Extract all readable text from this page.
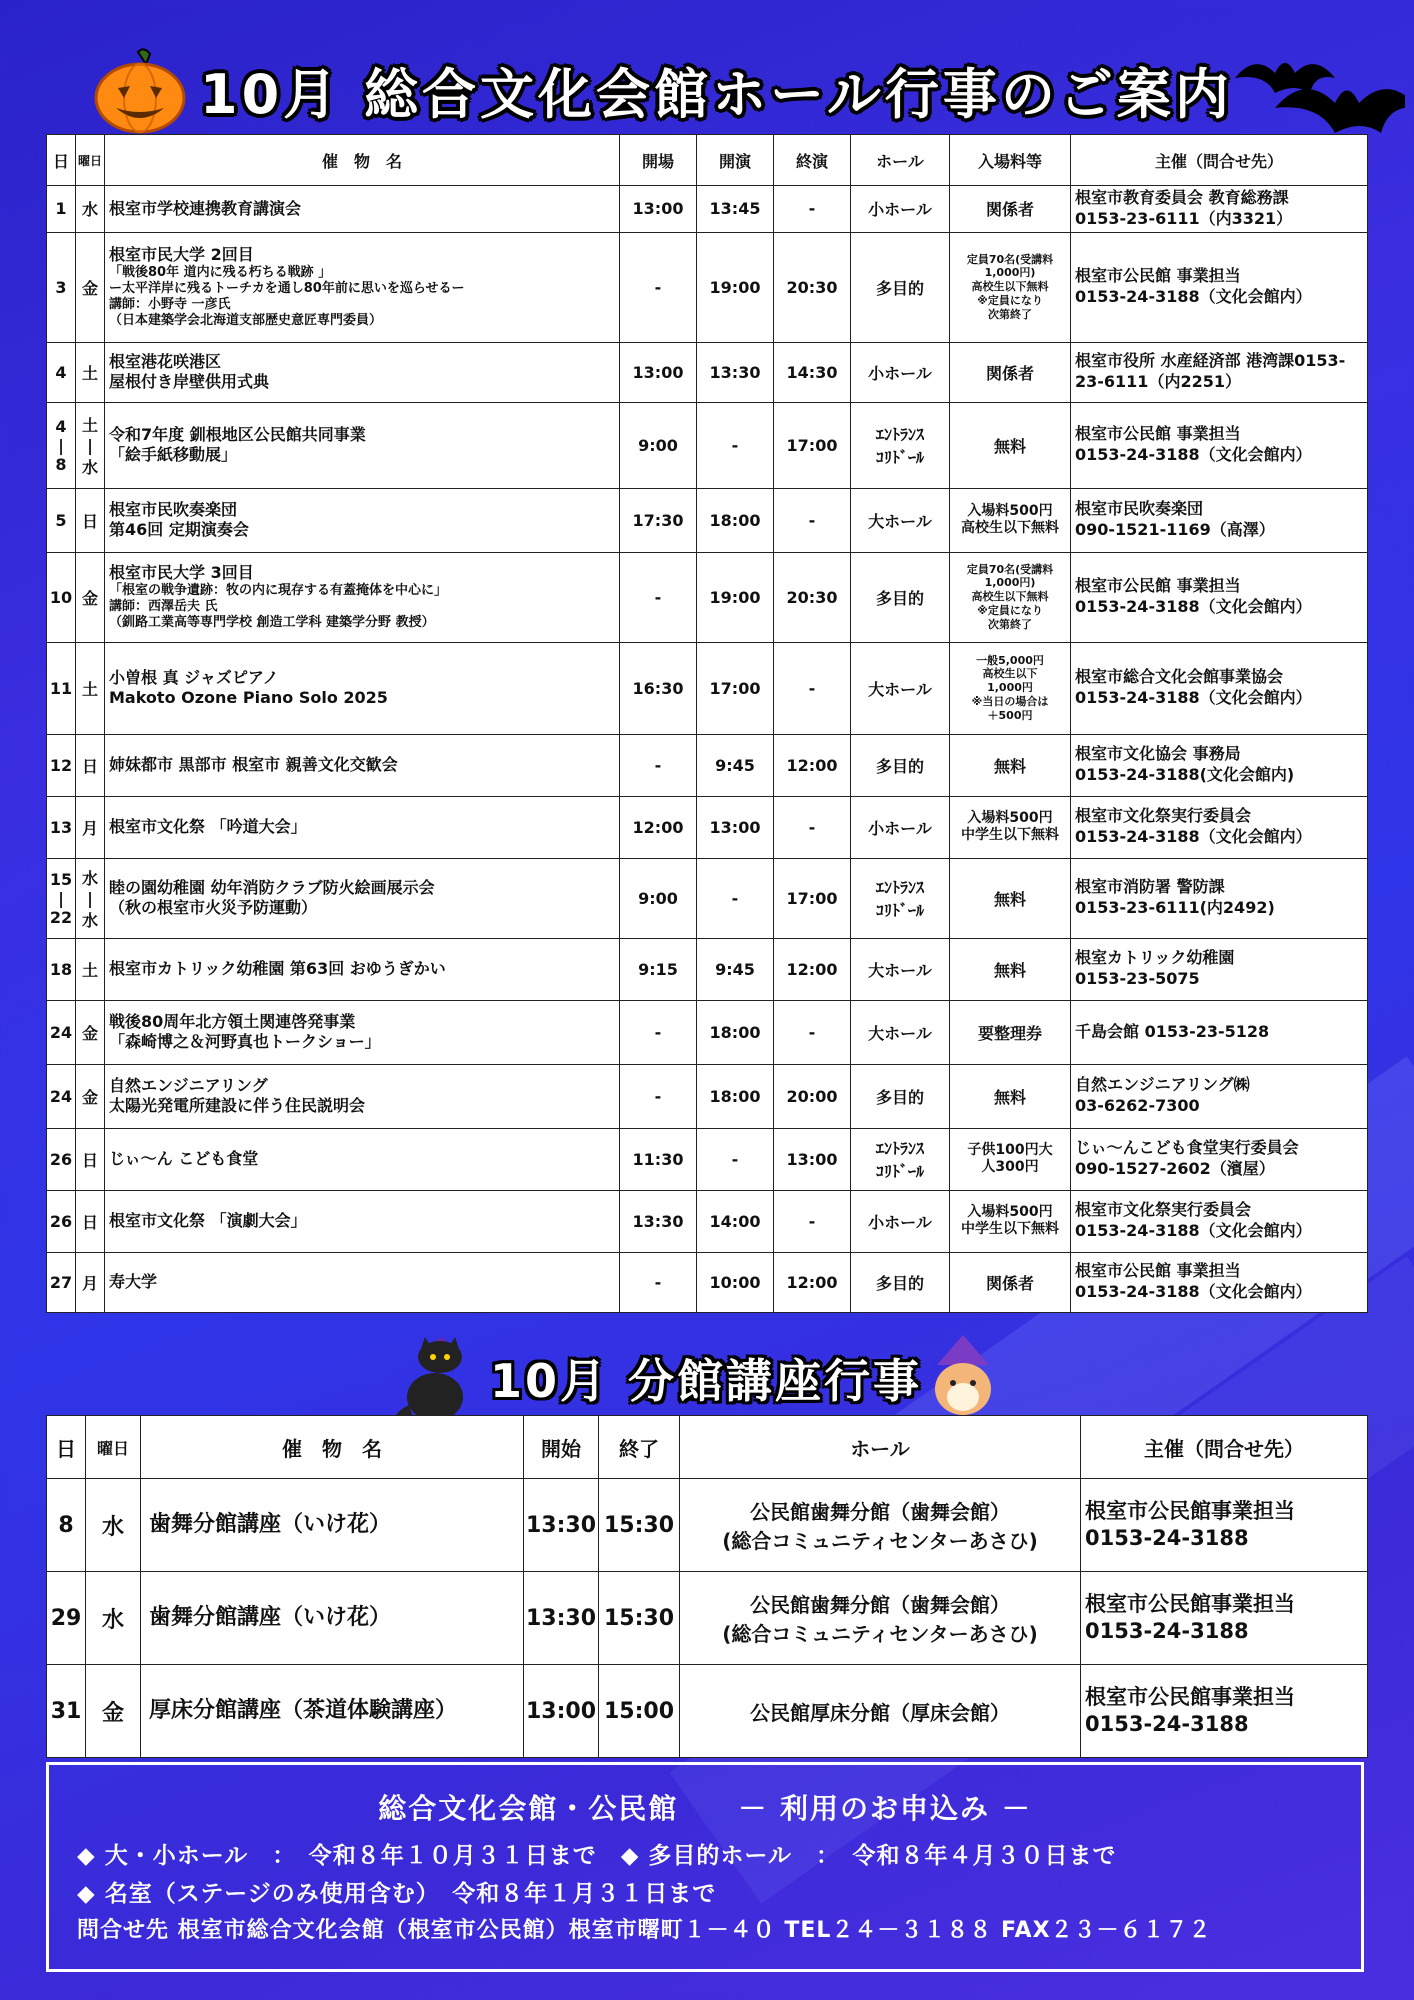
10月 総合文化会館ホール行事のご案内
日	曜日	催　物　名	開場	開演	終演	ホール	入場料等	主催（問合せ先）
1	水	根室市学校連携教育講演会	13:00	13:45	-	小ホール	関係者	根室市教育委員会 教育総務課
0153-23-6111（内3321）

3	金	根室市民大学 2回目
「戦後80年 道内に残る朽ちる戦跡 」
ー太平洋岸に残るトーチカを通し80年前に思いを巡らせるー
講師：小野寺 一彦氏
（日本建築学会北海道支部歴史意匠専門委員）	-	19:00	20:30	多目的	定員70名(受講料
1,000円)
高校生以下無料
※定員になり
次第終了	根室市公民館 事業担当
0153-24-3188（文化会館内）

4	土	根室港花咲港区
屋根付き岸壁供用式典	13:00	13:30	14:30	小ホール	関係者	根室市役所 水産経済部 港湾課0153-
23-6111（内2251）

4
|
8	土
|
水	令和7年度 釧根地区公民館共同事業
「絵手紙移動展」	9:00	-	17:00	ｴﾝﾄﾗﾝｽ
ｺﾘﾄﾞｰﾙ	無料	根室市公民館 事業担当
0153-24-3188（文化会館内）

5	日	根室市民吹奏楽団
第46回 定期演奏会	17:30	18:00	-	大ホール	入場料500円
高校生以下無料	根室市民吹奏楽団
090-1521-1169（高澤）

10	金	根室市民大学 3回目
「根室の戦争遺跡：牧の内に現存する有蓋掩体を中心に」
講師：西澤岳夫 氏
（釧路工業高等専門学校 創造工学科 建築学分野 教授）	-	19:00	20:30	多目的	定員70名(受講料
1,000円)
高校生以下無料
※定員になり
次第終了	根室市公民館 事業担当
0153-24-3188（文化会館内）

11	土	小曽根 真 ジャズピアノ
Makoto Ozone Piano Solo 2025	16:30	17:00	-	大ホール	一般5,000円
高校生以下
1,000円
※当日の場合は
＋500円	根室市総合文化会館事業協会
0153-24-3188（文化会館内）

12	日	姉妹都市 黒部市 根室市 親善文化交歓会	-	9:45	12:00	多目的	無料	根室市文化協会 事務局
0153-24-3188(文化会館内)

13	月	根室市文化祭 「吟道大会」	12:00	13:00	-	小ホール	入場料500円
中学生以下無料	根室市文化祭実行委員会
0153-24-3188（文化会館内）

15
|
22	水
|
水	睦の園幼稚園 幼年消防クラブ防火絵画展示会
（秋の根室市火災予防運動）	9:00	-	17:00	ｴﾝﾄﾗﾝｽ
ｺﾘﾄﾞｰﾙ	無料	根室市消防署 警防課
0153-23-6111(内2492)

18	土	根室市カトリック幼稚園 第63回 おゆうぎかい	9:15	9:45	12:00	大ホール	無料	根室カトリック幼稚園
0153-23-5075

24	金	戦後80周年北方領土関連啓発事業
「森崎博之＆河野真也トークショー」	-	18:00	-	大ホール	要整理券	千島会館 0153-23-5128

24	金	自然エンジニアリング
太陽光発電所建設に伴う住民説明会	-	18:00	20:00	多目的	無料	自然エンジニアリング㈱
03-6262-7300

26	日	じぃ〜ん こども食堂	11:30	-	13:00	ｴﾝﾄﾗﾝｽ
ｺﾘﾄﾞｰﾙ	子供100円大
人300円	じぃ〜んこども食堂実行委員会
090-1527-2602（濱屋）

26	日	根室市文化祭 「演劇大会」	13:30	14:00	-	小ホール	入場料500円
中学生以下無料	根室市文化祭実行委員会
0153-24-3188（文化会館内）

27	月	寿大学	-	10:00	12:00	多目的	関係者	根室市公民館 事業担当
0153-24-3188（文化会館内）
10月 分館講座行事
日	曜日	催　物　名	開始	終了	ホール	主催（問合せ先）
8	水	歯舞分館講座（いけ花）	13:30	15:30	公民館歯舞分館（歯舞会館）
(総合コミュニティセンターあさひ)	根室市公民館事業担当
0153-24-3188

29	水	歯舞分館講座（いけ花）	13:30	15:30	公民館歯舞分館（歯舞会館）
(総合コミュニティセンターあさひ)	根室市公民館事業担当
0153-24-3188

31	金	厚床分館講座（茶道体験講座）	13:00	15:00	公民館厚床分館（厚床会館）	根室市公民館事業担当
0153-24-3188
総合文化会館・公民館　　－ 利用のお申込み －
◆ 大・小ホール　：　令和８年１０月３１日まで　◆ 多目的ホール　：　令和８年４月３０日まで
◆ 名室（ステージのみ使用含む）　令和８年１月３１日まで
問合せ先 根室市総合文化会館（根室市公民館）根室市曙町１－４０ TEL２４－３１８８ FAX２３－６１７２
